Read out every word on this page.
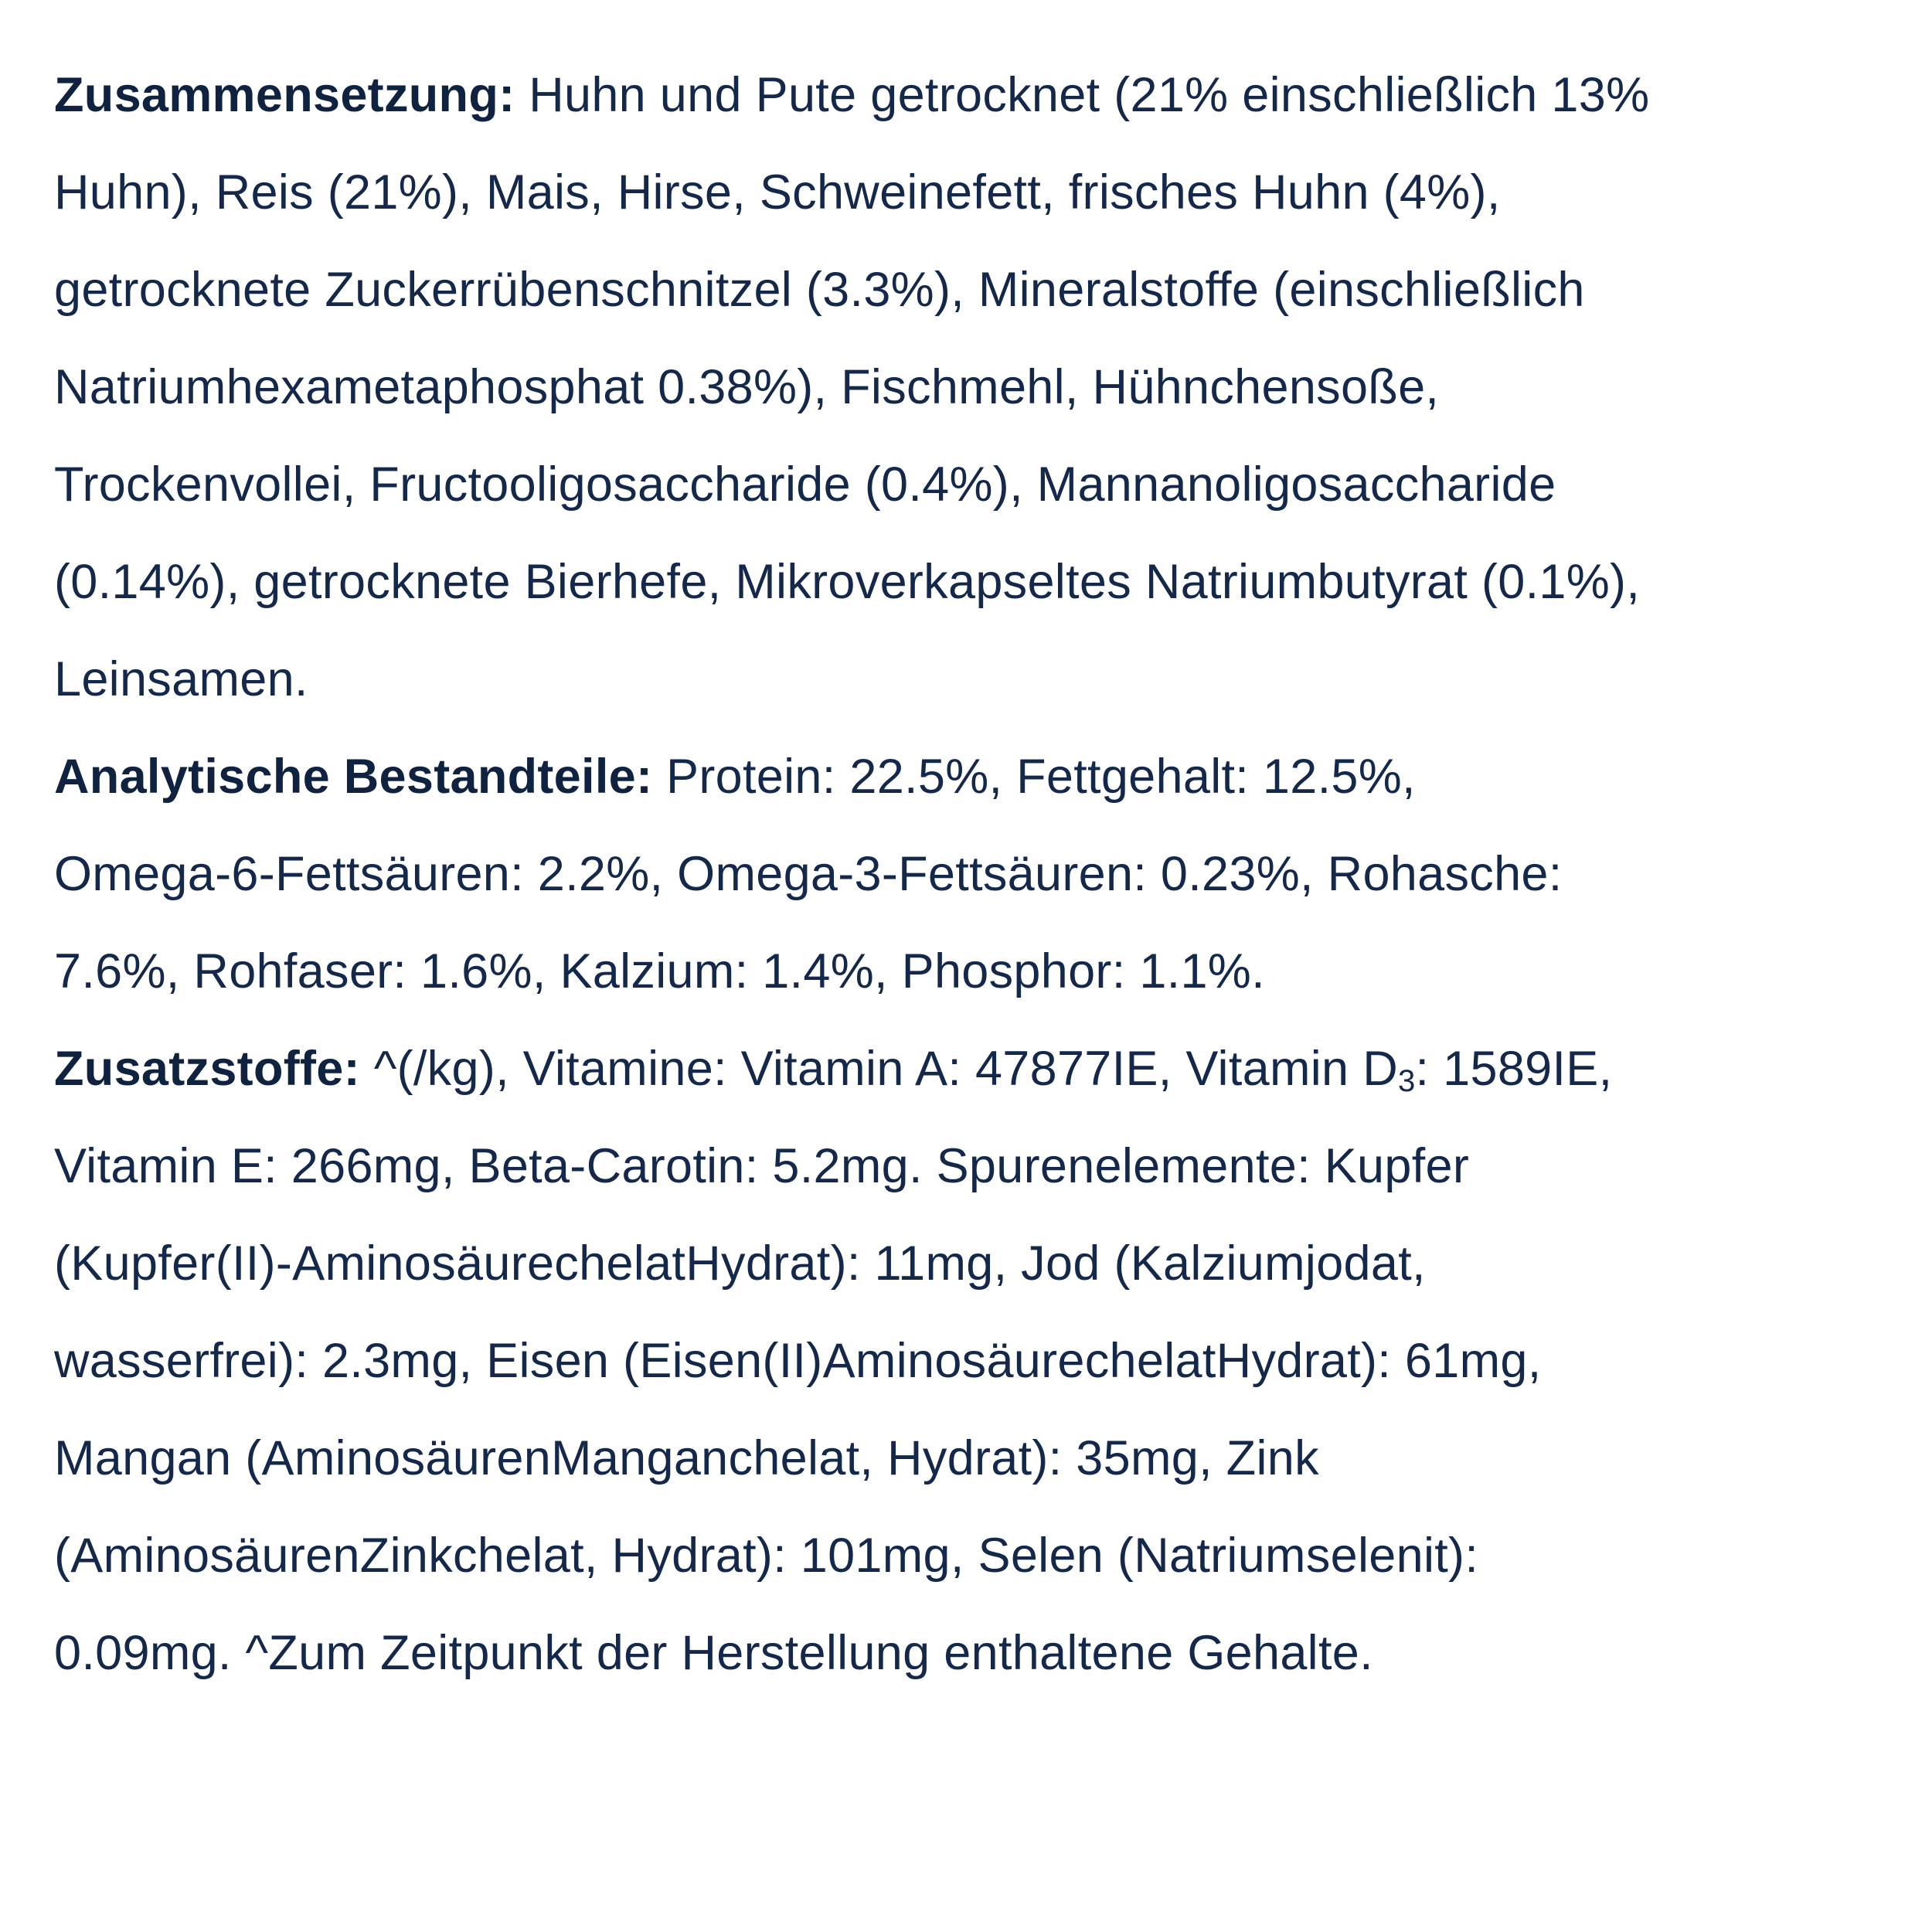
Zusammensetzung: Huhn und Pute getrocknet (21% einschließlich 13%
Huhn), Reis (21%), Mais, Hirse, Schweinefett, frisches Huhn (4%),
getrocknete Zuckerrübenschnitzel (3.3%), Mineralstoffe (einschließlich
Natriumhexametaphosphat 0.38%), Fischmehl, Hühnchensoße,
Trockenvollei, Fructooligosaccharide (0.4%), Mannanoligosaccharide
(0.14%), getrocknete Bierhefe, Mikroverkapseltes Natriumbutyrat (0.1%),
Leinsamen.

Analytische Bestandteile: Protein: 22.5%, Fettgehalt: 12.5%,
Omega-6-Fettsäuren: 2.2%, Omega-3-Fettsäuren: 0.23%, Rohasche:
7.6%, Rohfaser: 1.6%, Kalzium: 1.4%, Phosphor: 1.1%.

Zusatzstoffe: ^(/kg), Vitamine: Vitamin A: 47877IE, Vitamin $D_3$: 1589IE,
Vitamin E: 266mg, Beta-Carotin: 5.2mg. Spurenelemente: Kupfer
(Kupfer(II)-AminosäurechelatHydrat): 11mg, Jod (Kalziumjodat,
wasserfrei): 2.3mg, Eisen (Eisen(II)AminosäurechelatHydrat): 61mg,
Mangan (AminosäurenManganchelat, Hydrat): 35mg, Zink
(AminosäurenZinkchelat, Hydrat): 101mg, Selen (Natriumselenit):
0.09mg. ^Zum Zeitpunkt der Herstellung enthaltene Gehalte.
